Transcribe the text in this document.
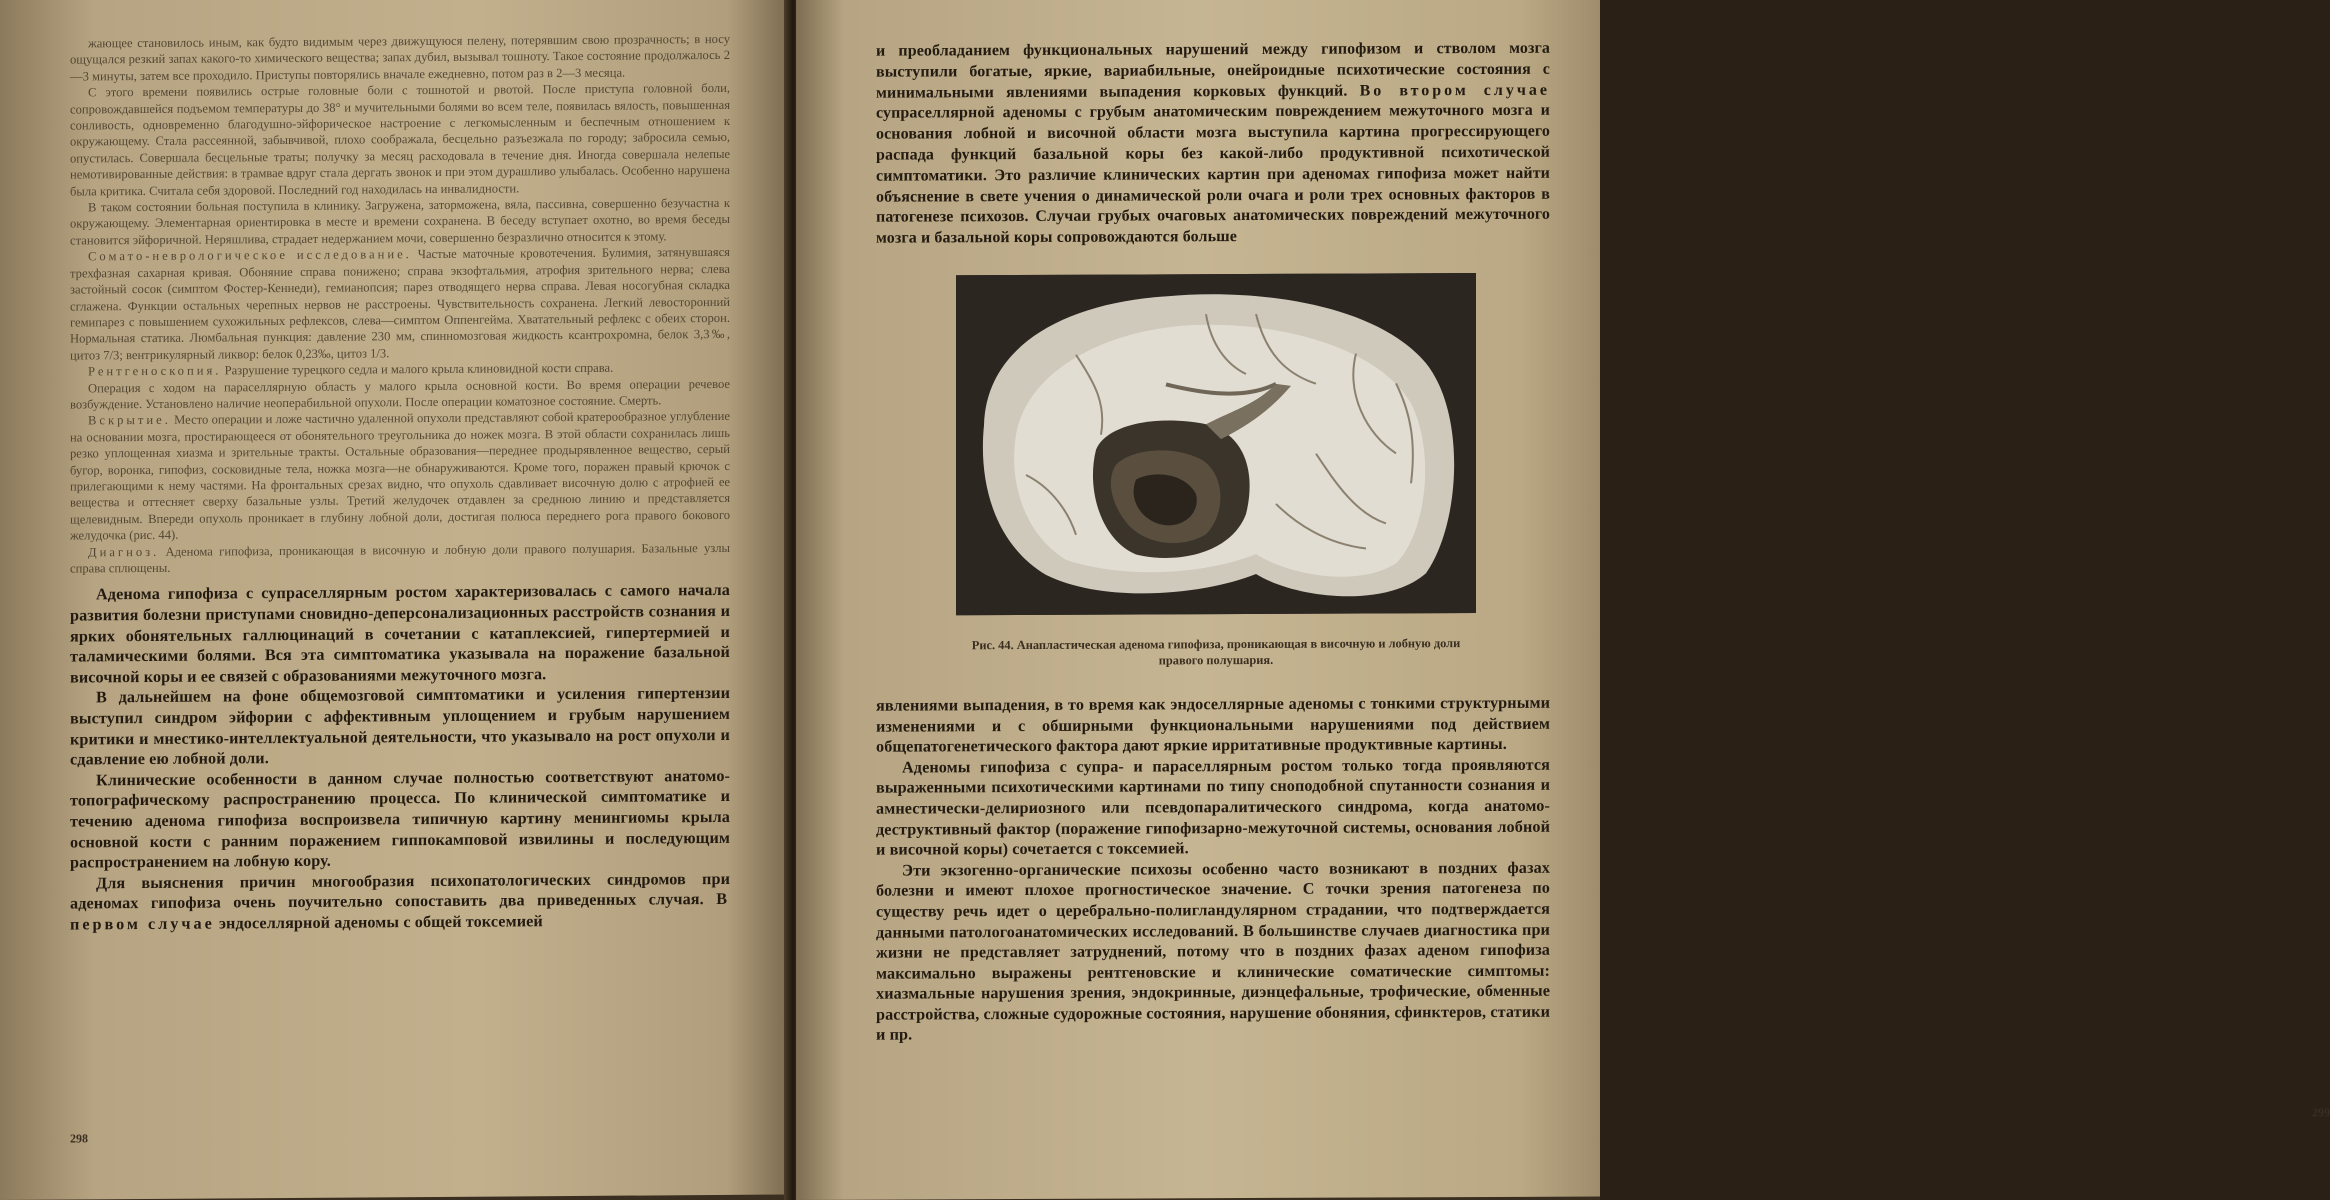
жающее становилось иным, как будто видимым через движущуюся пелену, потерявшим свою прозрачность; в носу ощущался резкий запах какого-то химического вещества; запах дубил, вызывал тошноту. Такое состояние продолжалось 2—3 минуты, затем все проходило. Приступы повторялись вначале ежедневно, потом раз в 2—3 месяца.

С этого времени появились острые головные боли с тошнотой и рвотой. После приступа головной боли, сопровождавшейся подъемом температуры до 38° и мучительными болями во всем теле, появилась вялость, повышенная сонливость, одновременно благодушно-эйфорическое настроение с легкомысленным и беспечным отношением к окружающему. Стала рассеянной, забывчивой, плохо соображала, бесцельно разъезжала по городу; забросила семью, опустилась. Совершала бесцельные траты; получку за месяц расходовала в течение дня. Иногда совершала нелепые немотивированные действия: в трамвае вдруг стала дергать звонок и при этом дурашливо улыбалась. Особенно нарушена была критика. Считала себя здоровой. Последний год находилась на инвалидности.

В таком состоянии больная поступила в клинику. Загружена, заторможена, вяла, пассивна, совершенно безучастна к окружающему. Элементарная ориентировка в месте и времени сохранена. В беседу вступает охотно, во время беседы становится эйфоричной. Неряшлива, страдает недержанием мочи, совершенно безразлично относится к этому.

Сомато-неврологическое исследование. Частые маточные кровотечения. Булимия, затянувшаяся трехфазная сахарная кривая. Обоняние справа понижено; справа экзофтальмия, атрофия зрительного нерва; слева застойный сосок (симптом Фостер-Кеннеди), гемианопсия; парез отводящего нерва справа. Левая носогубная складка сглажена. Функции остальных черепных нервов не расстроены. Чувствительность сохранена. Легкий левосторонний гемипарез с повышением сухожильных рефлексов, слева—симптом Оппенгейма. Хватательный рефлекс с обеих сторон. Нормальная статика. Люмбальная пункция: давление 230 мм, спинномозговая жидкость ксантрохромна, белок 3,3‰, цитоз 7/3; вентрикулярный ликвор: белок 0,23‰, цитоз 1/3.

Рентгеноскопия. Разрушение турецкого седла и малого крыла клиновидной кости справа.

Операция с ходом на параселлярную область у малого крыла основной кости. Во время операции речевое возбуждение. Установлено наличие неоперабильной опухоли. После операции коматозное состояние. Смерть.

Вскрытие. Место операции и ложе частично удаленной опухоли представляют собой кратерообразное углубление на основании мозга, простирающееся от обонятельного треугольника до ножек мозга. В этой области сохранилась лишь резко уплощенная хиазма и зрительные тракты. Остальные образования—переднее продырявленное вещество, серый бугор, воронка, гипофиз, сосковидные тела, ножка мозга—не обнаруживаются. Кроме того, поражен правый крючок с прилегающими к нему частями. На фронтальных срезах видно, что опухоль сдавливает височную долю с атрофией ее вещества и оттесняет сверху базальные узлы. Третий желудочек отдавлен за среднюю линию и представляется щелевидным. Впереди опухоль проникает в глубину лобной доли, достигая полюса переднего рога правого бокового желудочка (рис. 44).

Диагноз. Аденома гипофиза, проникающая в височную и лобную доли правого полушария. Базальные узлы справа сплющены.

Аденома гипофиза с супраселлярным ростом характеризовалась с самого начала развития болезни приступами сновидно-деперсонализационных расстройств сознания и ярких обонятельных галлюцинаций в сочетании с катаплексией, гипертермией и таламическими болями. Вся эта симптоматика указывала на поражение базальной височной коры и ее связей с образованиями межуточного мозга.

В дальнейшем на фоне общемозговой симптоматики и усиления гипертензии выступил синдром эйфории с аффективным уплощением и грубым нарушением критики и мнестико-интеллектуальной деятельности, что указывало на рост опухоли и сдавление ею лобной доли.

Клинические особенности в данном случае полностью соответствуют анатомо-топографическому распространению процесса. По клинической симптоматике и течению аденома гипофиза воспроизвела типичную картину менингиомы крыла основной кости с ранним поражением гиппокамповой извилины и последующим распространением на лобную кору.

Для выяснения причин многообразия психопатологических синдромов при аденомах гипофиза очень поучительно сопоставить два приведенных случая. В первом случае эндоселлярной аденомы с общей токсемией

298

и преобладанием функциональных нарушений между гипофизом и стволом мозга выступили богатые, яркие, вариабильные, онейроидные психотические состояния с минимальными явлениями выпадения корковых функций. Во втором случае супраселлярной аденомы с грубым анатомическим повреждением межуточного мозга и основания лобной и височной области мозга выступила картина прогрессирующего распада функций базальной коры без какой-либо продуктивной психотической симптоматики. Это различие клинических картин при аденомах гипофиза может найти объяснение в свете учения о динамической роли очага и роли трех основных факторов в патогенезе психозов. Случаи грубых очаговых анатомических повреждений межуточного мозга и базальной коры сопровождаются больше

Рис. 44. Анапластическая аденома гипофиза, проникающая в височную и лобную доли правого полушария.

явлениями выпадения, в то время как эндоселлярные аденомы с тонкими структурными изменениями и с обширными функциональными нарушениями под действием общепатогенетического фактора дают яркие ирритативные продуктивные картины.

Аденомы гипофиза с супра- и параселлярным ростом только тогда проявляются выраженными психотическими картинами по типу сноподобной спутанности сознания и амнестически-делириозного или псевдопаралитического синдрома, когда анатомо-деструктивный фактор (поражение гипофизарно-межуточной системы, основания лобной и височной коры) сочетается с токсемией.

Эти экзогенно-органические психозы особенно часто возникают в поздних фазах болезни и имеют плохое прогностическое значение. С точки зрения патогенеза по существу речь идет о церебрально-полигландулярном страдании, что подтверждается данными патологоанатомических исследований. В большинстве случаев диагностика при жизни не представляет затруднений, потому что в поздних фазах аденом гипофиза максимально выражены рентгеновские и клинические соматические симптомы: хиазмальные нарушения зрения, эндокринные, диэнцефальные, трофические, обменные расстройства, сложные судорожные состояния, нарушение обоняния, сфинктеров, статики и пр.

299
